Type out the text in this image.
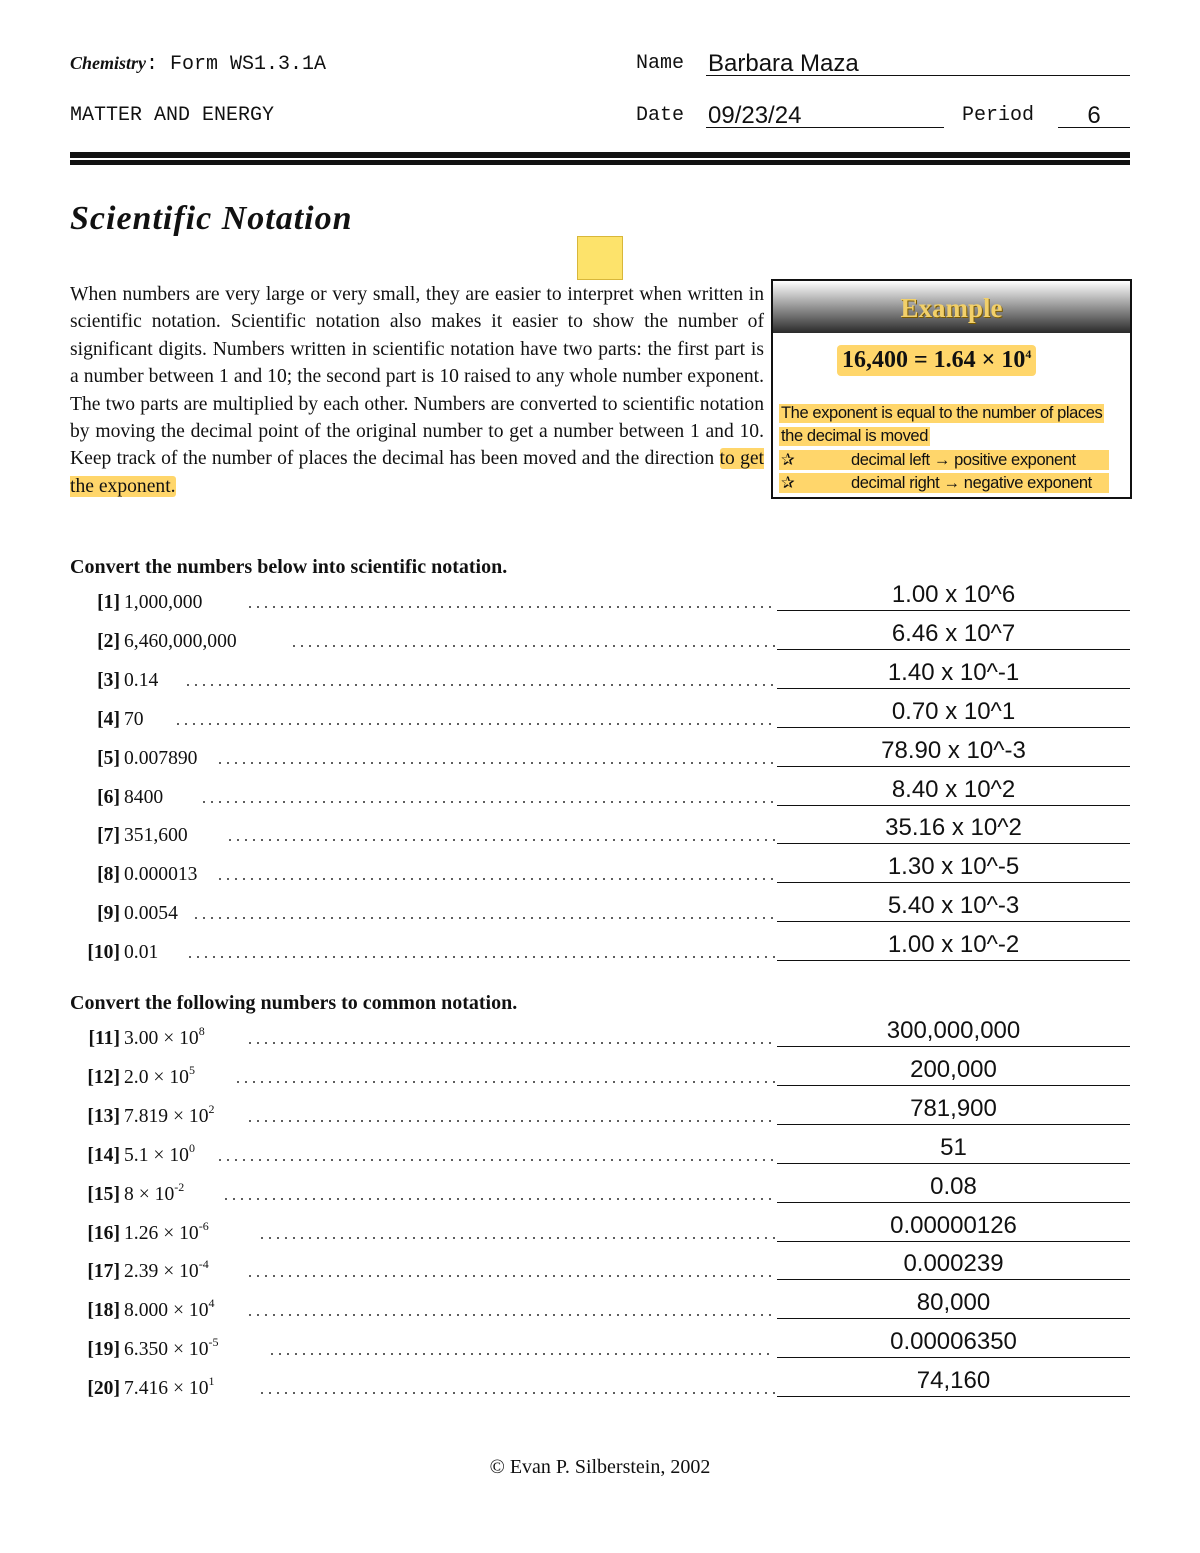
Chemistry: Form WS1.3.1A
MATTER AND ENERGY
Name Barbara Maza
Date 09/23/24	Period	6
Scientific Notation
When numbers are very large or very small, they are easier to interpret when written in scientific notation. Scientific notation also makes it easier to show the number of significant digits. Numbers written in scientific notation have two parts: the first part is a number between 1 and 10; the second part is 10 raised to any whole number exponent. The two parts are multiplied by each other. Numbers are converted to scientific notation by moving the decimal point of the original number to get a number between 1 and 10. Keep track of the number of places the decimal has been moved and the direction to get the exponent.
Example
$16,400 = 1.64 \times 10^4$
The exponent is equal to the number of places
the decimal is moved
✰	decimal left → positive exponent
✰	decimal right → negative exponent
Convert the numbers below into scientific notation.
[1] 1,000,000	1.00 x 10^6
[2] 6,460,000,000	6.46 x 10^7
[3] 0.14	1.40 x 10^-1
[4] 70	0.70 x 10^1
[5] 0.007890	78.90 x 10^-3
[6] 8400	8.40 x 10^2
[7] 351,600	35.16 x 10^2
[8] 0.000013	1.30 x 10^-5
[9] 0.0054	5.40 x 10^-3
[10] 0.01	1.00 x 10^-2
Convert the following numbers to common notation.
[11] $3.00 \times 10^8$	300,000,000
[12] $2.0 \times 10^5$	200,000
[13] $7.819 \times 10^2$	781,900
[14] $5.1 \times 10^0$	51
[15] $8 \times 10^{-2}$	0.08
[16] $1.26 \times 10^{-6}$	0.00000126
[17] $2.39 \times 10^{-4}$	0.000239
[18] $8.000 \times 10^4$	80,000
[19] $6.350 \times 10^{-5}$	0.00006350
[20] $7.416 \times 10^1$	74,160
© Evan P. Silberstein, 2002
